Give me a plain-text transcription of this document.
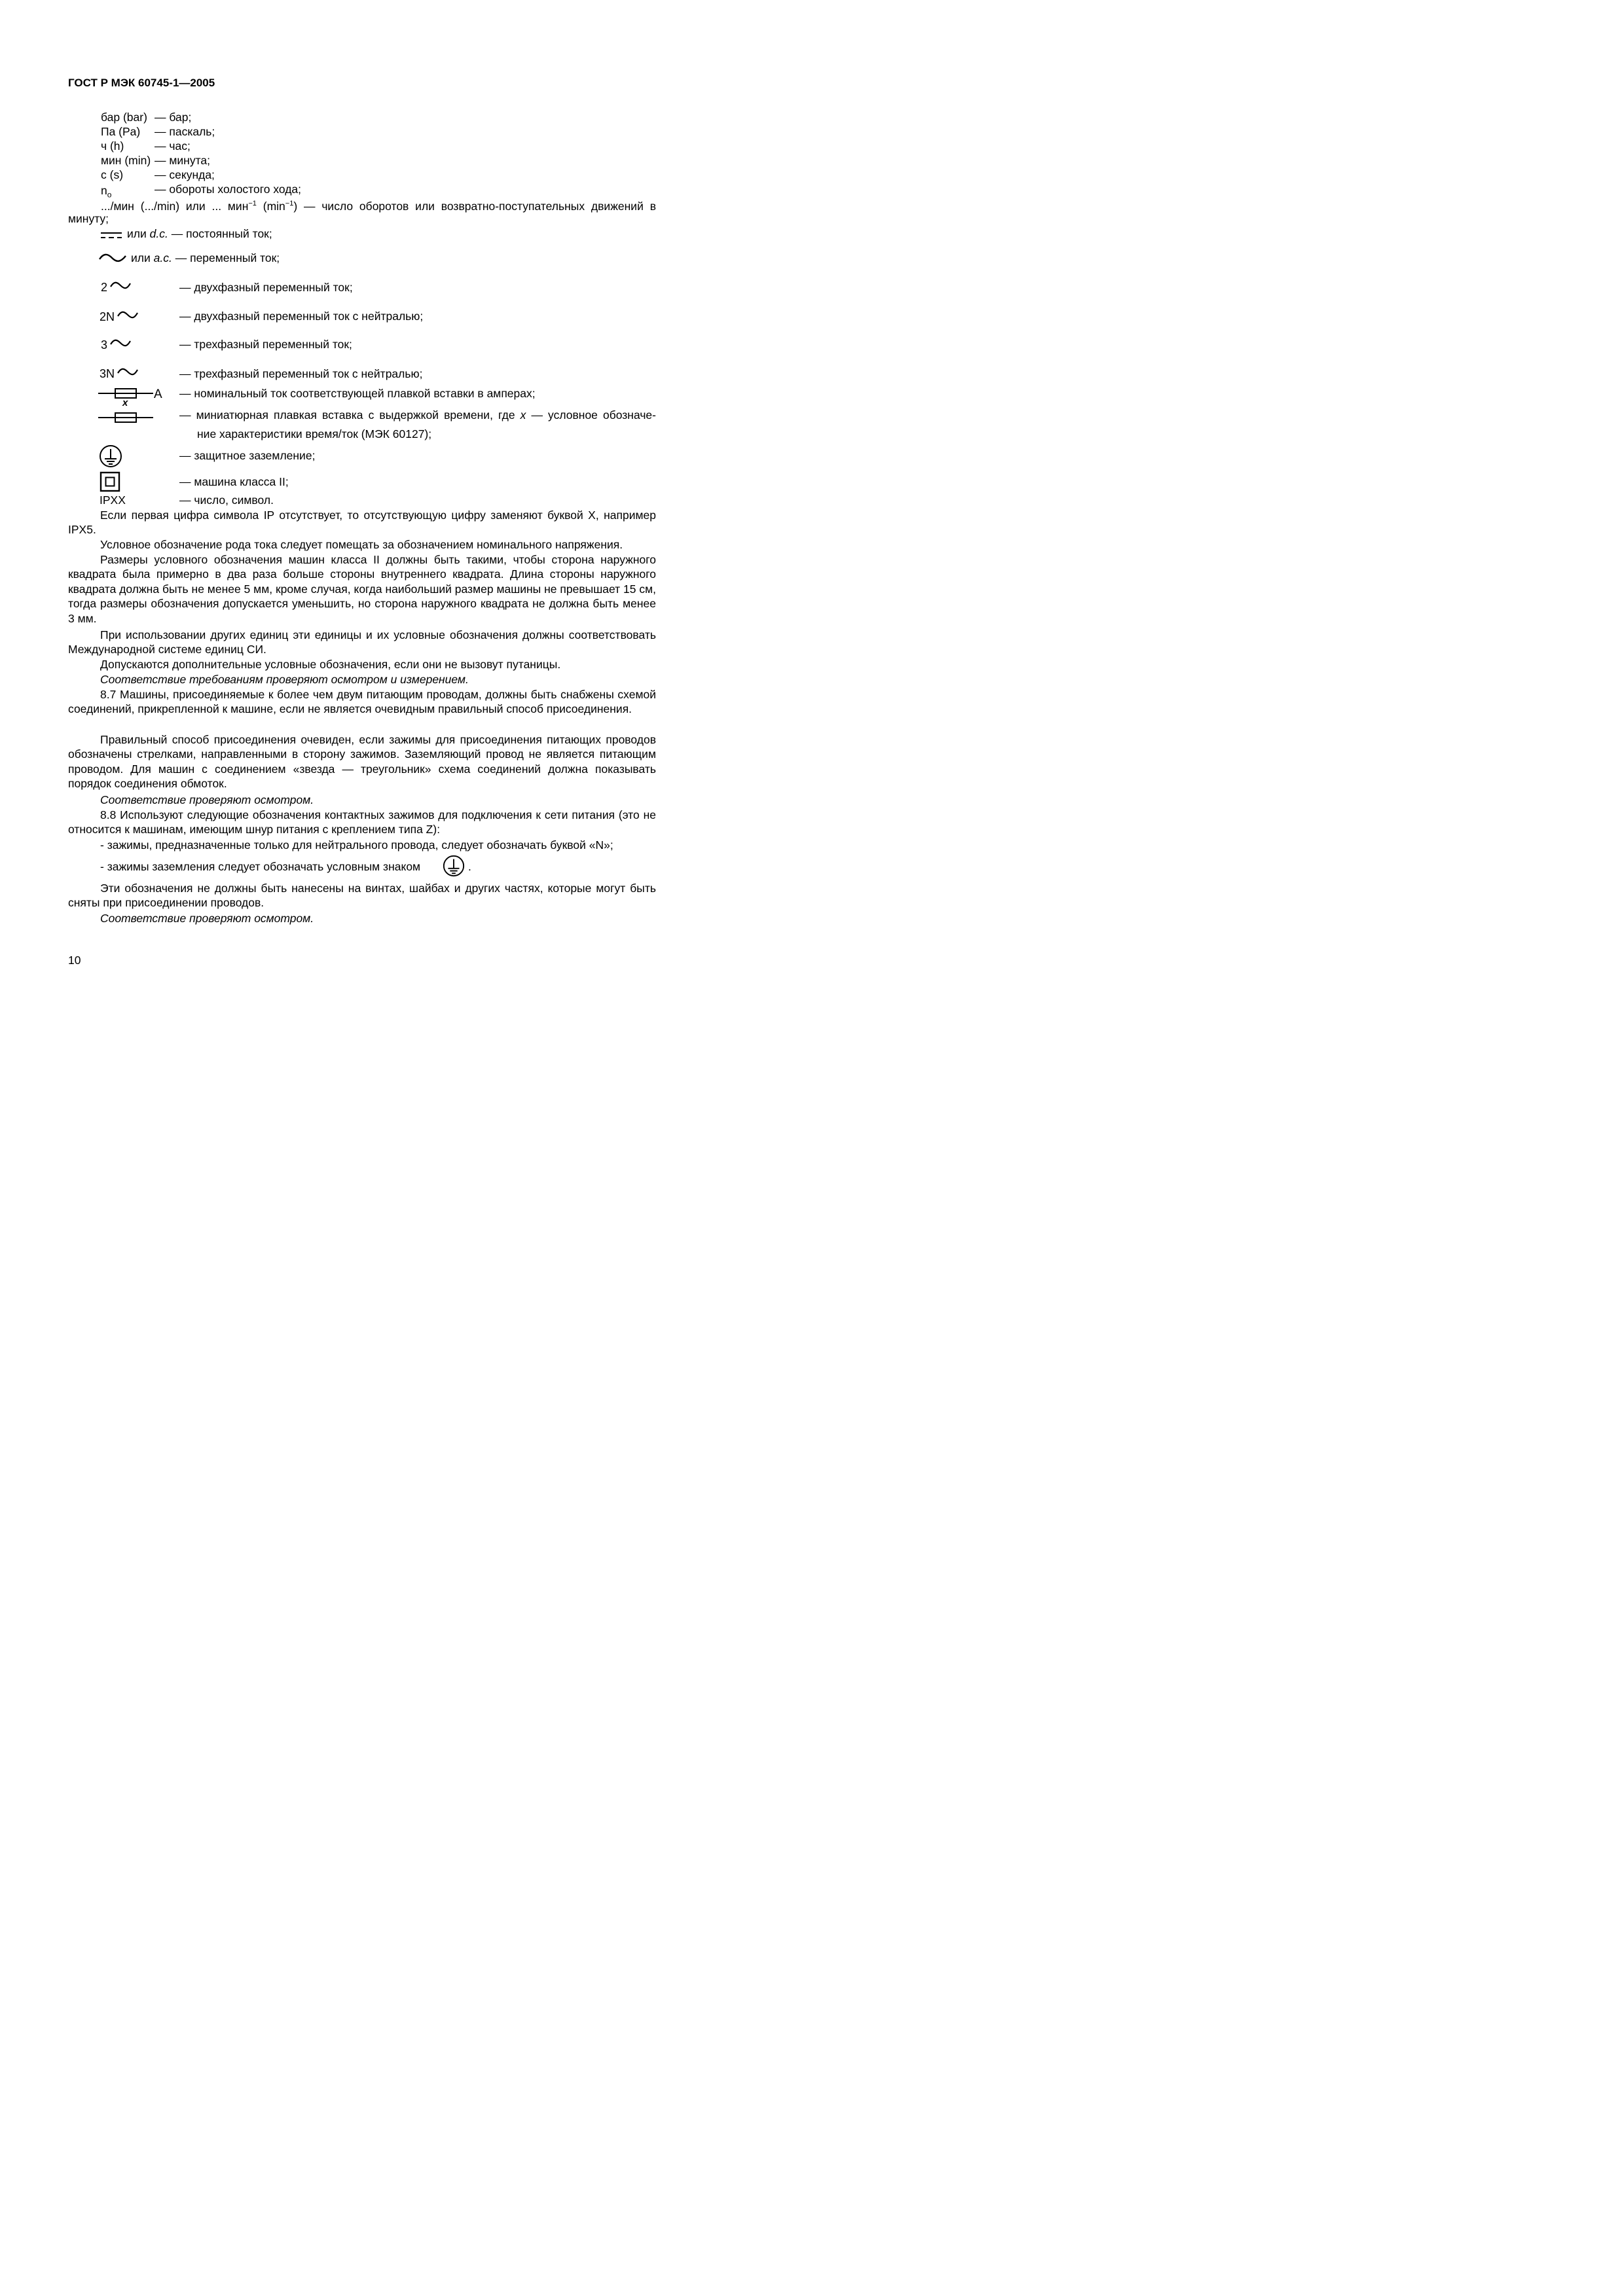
ГОСТ Р МЭК 60745-1—2005
бар (bar) — бар;
Па (Pa) — паскаль;
ч (h)	— час;
мин (min) — минута;
с (s)	— секунда;
$n_o$	— обороты холостого хода;
.../мин (.../min) или ... мин$^{-1}$ $(\min^{-1})$ — число оборотов или возвратно-поступательных движений в
минуту;
или d.c. — постоянный ток;
или a.c. — переменный ток;
2	— двухфазный переменный ток;
2N	— двухфазный переменный ток с нейтралью;
3	— трехфазный переменный ток;
3N	— трехфазный переменный ток с нейтралью;
A — номинальный ток соответствующей плавкой вставки в амперах;
x
— миниатюрная плавкая вставка с выдержкой времени, где x — условное обозначе-
ние характеристики время/ток (МЭК 60127);
— защитное заземление;
— машина класса II;
IPXX	— число, символ.

Если первая цифра символа IP отсутствует, то отсутствующую цифру заменяют буквой X, например IPX5.

Условное обозначение рода тока следует помещать за обозначением номинального напряжения.

Размеры условного обозначения машин класса II должны быть такими, чтобы сторона наружного квадрата была примерно в два раза больше стороны внутреннего квадрата. Длина стороны наружного квадрата должна быть не менее 5 мм, кроме случая, когда наибольший размер машины не превышает 15 см, тогда размеры обозначения допускается уменьшить, но сторона наружного квадрата не должна быть менее 3 мм.

При использовании других единиц эти единицы и их условные обозначения должны соответствовать Международной системе единиц СИ.

Допускаются дополнительные условные обозначения, если они не вызовут путаницы.

Соответствие требованиям проверяют осмотром и измерением.

8.7 Машины, присоединяемые к более чем двум питающим проводам, должны быть снабжены схемой соединений, прикрепленной к машине, если не является очевидным правильный способ присоединения.

Правильный способ присоединения очевиден, если зажимы для присоединения питающих проводов обозначены стрелками, направленными в сторону зажимов. Заземляющий провод не является питающим проводом. Для машин с соединением «звезда — треугольник» схема соединений должна показывать порядок соединения обмоток.

Соответствие проверяют осмотром.

8.8 Используют следующие обозначения контактных зажимов для подключения к сети питания (это не относится к машинам, имеющим шнур питания с креплением типа Z):

- зажимы, предназначенные только для нейтрального провода, следует обозначать буквой «N»;

- зажимы заземления следует обозначать условным знаком	.

Эти обозначения не должны быть нанесены на винтах, шайбах и других частях, которые могут быть сняты при присоединении проводов.

Соответствие проверяют осмотром.

10
